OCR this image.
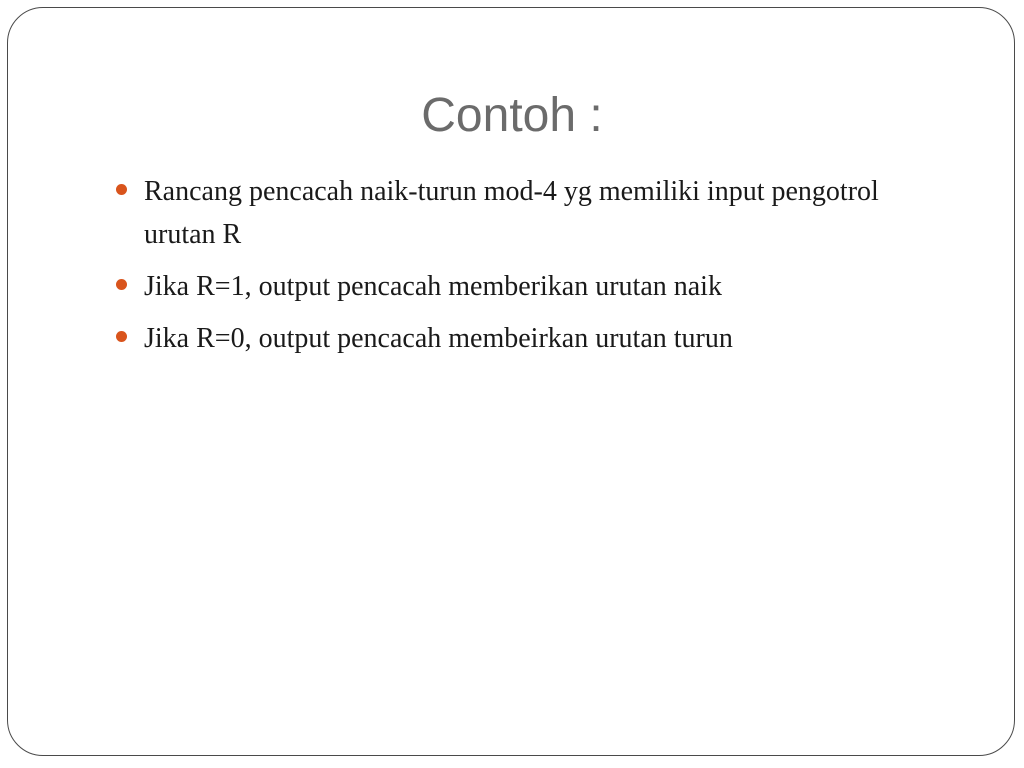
Contoh :
Rancang pencacah naik-turun mod-4 yg memiliki input pengotrol urutan R
Jika R=1, output pencacah memberikan urutan naik
Jika R=0, output pencacah membeirkan urutan turun
